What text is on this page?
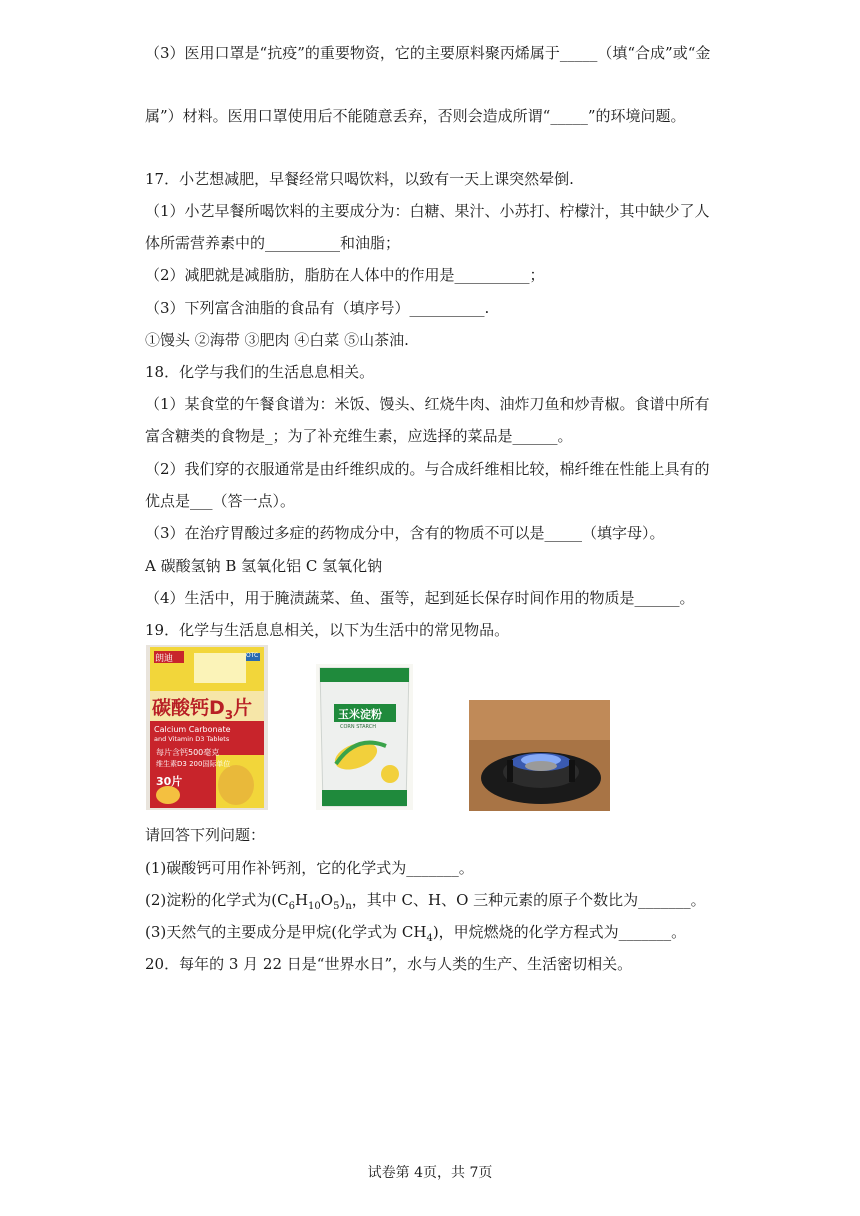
（3）医用口罩是“抗疫”的重要物资，它的主要原料聚丙烯属于_____（填“合成”或“金
属”）材料。医用口罩使用后不能随意丢弃，否则会造成所谓“_____”的环境问题。
17．小艺想减肥，早餐经常只喝饮料，以致有一天上课突然晕倒.
（1）小艺早餐所喝饮料的主要成分为：白糖、果汁、小苏打、柠檬汁，其中缺少了人
体所需营养素中的__________和油脂；
（2）减肥就是减脂肪，脂肪在人体中的作用是__________；
（3）下列富含油脂的食品有（填序号）__________.
①馒头 ②海带 ③肥肉 ④白菜 ⑤山茶油.
18．化学与我们的生活息息相关。
（1）某食堂的午餐食谱为：米饭、馒头、红烧牛肉、油炸刀鱼和炒青椒。食谱中所有
富含糖类的食物是_；为了补充维生素，应选择的菜品是______。
（2）我们穿的衣服通常是由纤维织成的。与合成纤维相比较，棉纤维在性能上具有的
优点是___（答一点）。
（3）在治疗胃酸过多症的药物成分中，含有的物质不可以是_____（填字母）。
A 碳酸氢钠 B 氢氧化铝 C 氢氧化钠
（4）生活中，用于腌渍蔬菜、鱼、蛋等，起到延长保存时间作用的物质是______。
19．化学与生活息息相关，以下为生活中的常见物品。
朗迪	OTC
碳酸钙$D_3$片
Calcium Carbonate
and Vitamin D3 Tablets
每片含钙500毫克
维生素D3 200国际单位
30片
玉米淀粉
CORN STARCH
请回答下列问题：
(1)碳酸钙可用作补钙剂，它的化学式为_______。
(2)淀粉的化学式为$(C_6H_{10}O_5)_n$，其中 C、H、O 三种元素的原子个数比为_______。
(3)天然气的主要成分是甲烷(化学式为 $CH_4$)，甲烷燃烧的化学方程式为_______。
20．每年的 3 月 22 日是“世界水日”，水与人类的生产、生活密切相关。
试卷第 4页，共 7页
